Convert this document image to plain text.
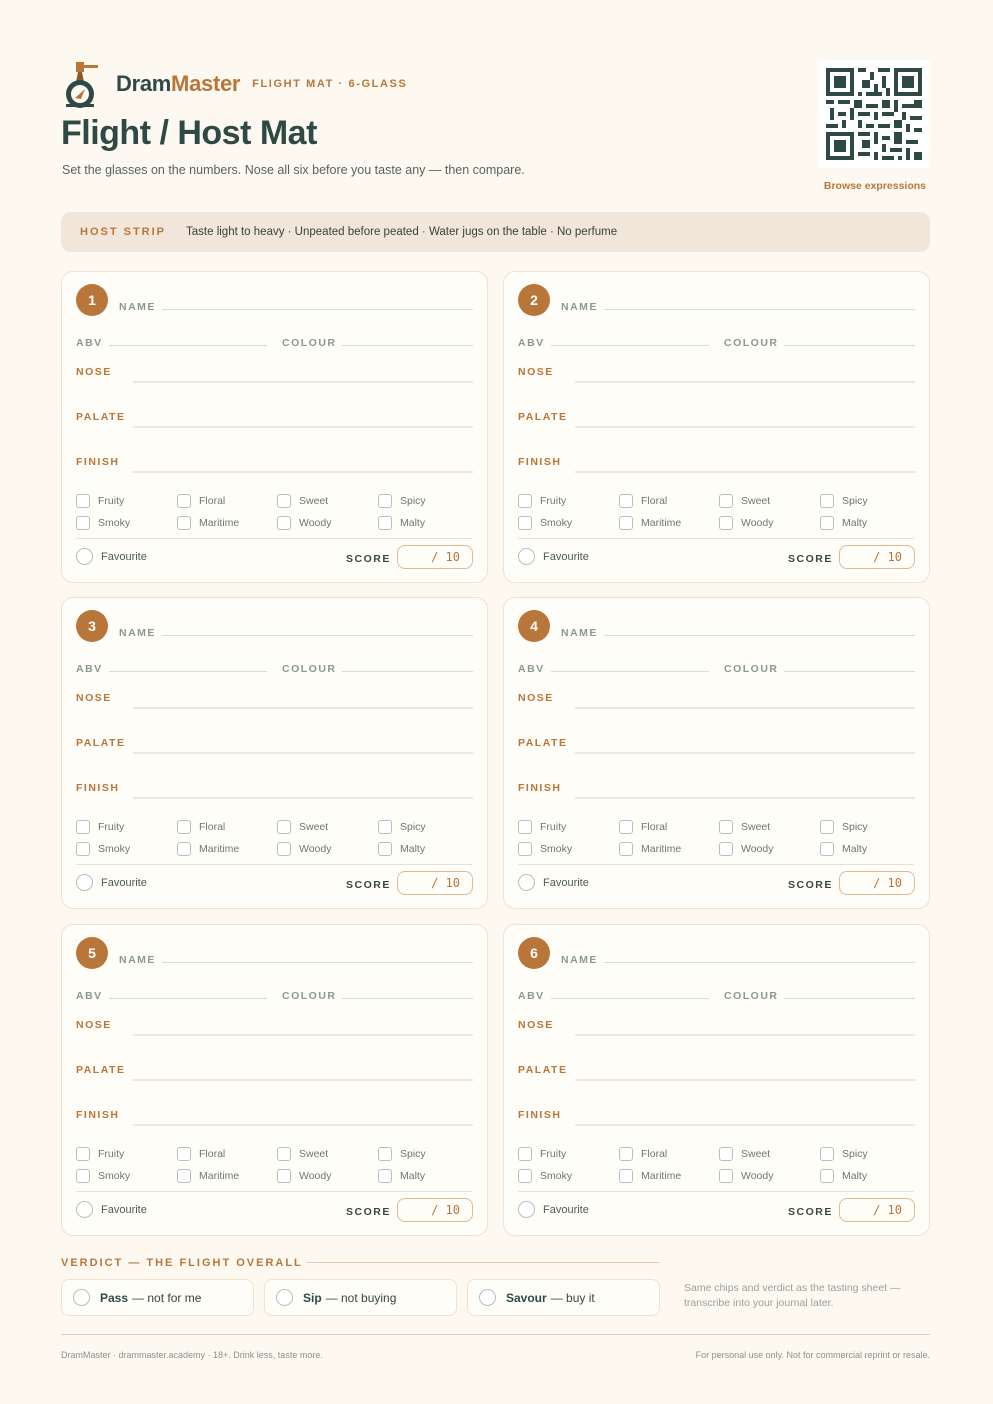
DramMaster FLIGHT MAT · 6-GLASS
Flight / Host Mat
Set the glasses on the numbers. Nose all six before you taste any — then compare.
Browse expressions
HOST STRIP Taste light to heavy · Unpeated before peated · Water jugs on the table · No perfume
1	NAME
ABV	COLOUR
NOSE
PALATE
FINISH
Fruity	Floral	Sweet	Spicy
Smoky	Maritime	Woody	Malty
Favourite	SCORE	/ 10
2	NAME
ABV	COLOUR
NOSE
PALATE
FINISH
Fruity	Floral	Sweet	Spicy
Smoky	Maritime	Woody	Malty
Favourite	SCORE	/ 10
3	NAME
ABV	COLOUR
NOSE
PALATE
FINISH
Fruity	Floral	Sweet	Spicy
Smoky	Maritime	Woody	Malty
Favourite	SCORE	/ 10
4	NAME
ABV	COLOUR
NOSE
PALATE
FINISH
Fruity	Floral	Sweet	Spicy
Smoky	Maritime	Woody	Malty
Favourite	SCORE	/ 10
5	NAME
ABV	COLOUR
NOSE
PALATE
FINISH
Fruity	Floral	Sweet	Spicy
Smoky	Maritime	Woody	Malty
Favourite	SCORE	/ 10
6	NAME
ABV	COLOUR
NOSE
PALATE
FINISH
Fruity	Floral	Sweet	Spicy
Smoky	Maritime	Woody	Malty
Favourite	SCORE	/ 10
VERDICT — THE FLIGHT OVERALL
Pass — not for me	Sip — not buying	Savour — buy it
Same chips and verdict as the tasting sheet — transcribe into your journal later.
DramMaster · drammaster.academy · 18+. Drink less, taste more.	For personal use only. Not for commercial reprint or resale.
